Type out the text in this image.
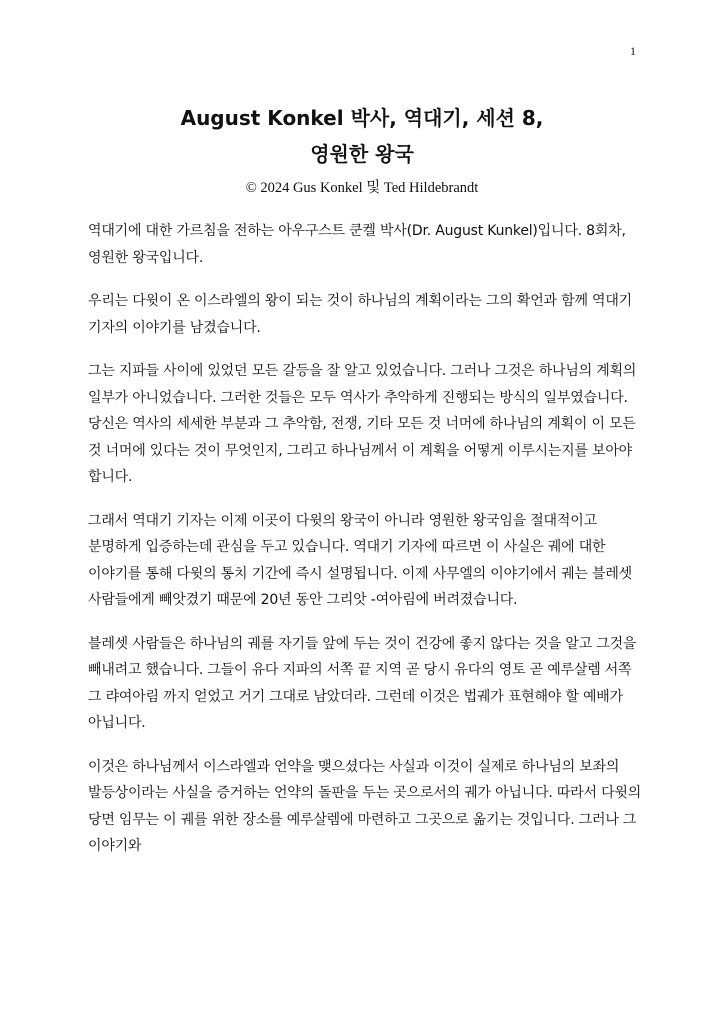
1
August Konkel 박사, 역대기, 세션 8,
영원한 왕국
© 2024 Gus Konkel 및 Ted Hildebrandt

역대기에 대한 가르침을 전하는 아우구스트 쿤켈 박사(Dr. August Kunkel)입니다. 8회차, 영원한 왕국입니다.

우리는 다윗이 온 이스라엘의 왕이 되는 것이 하나님의 계획이라는 그의 확언과 함께 역대기 기자의 이야기를 남겼습니다.

그는 지파들 사이에 있었던 모든 갈등을 잘 알고 있었습니다. 그러나 그것은 하나님의 계획의 일부가 아니었습니다. 그러한 것들은 모두 역사가 추악하게 진행되는 방식의 일부였습니다. 당신은 역사의 세세한 부분과 그 추악함, 전쟁, 기타 모든 것 너머에 하나님의 계획이 이 모든 것 너머에 있다는 것이 무엇인지, 그리고 하나님께서 이 계획을 어떻게 이루시는지를 보아야 합니다.

그래서 역대기 기자는 이제 이곳이 다윗의 왕국이 아니라 영원한 왕국임을 절대적이고 분명하게 입증하는데 관심을 두고 있습니다. 역대기 기자에 따르면 이 사실은 궤에 대한 이야기를 통해 다윗의 통치 기간에 즉시 설명됩니다. 이제 사무엘의 이야기에서 궤는 블레셋 사람들에게 빼앗겼기 때문에 20년 동안 그리앗 -여아림에 버려졌습니다.

블레셋 사람들은 하나님의 궤를 자기들 앞에 두는 것이 건강에 좋지 않다는 것을 알고 그것을 빼내려고 했습니다. 그들이 유다 지파의 서쪽 끝 지역 곧 당시 유다의 영토 곧 예루살렘 서쪽 그 랴여아림 까지 얻었고 거기 그대로 남았더라. 그런데 이것은 법궤가 표현해야 할 예배가 아닙니다.

이것은 하나님께서 이스라엘과 언약을 맺으셨다는 사실과 이것이 실제로 하나님의 보좌의 발등상이라는 사실을 증거하는 언약의 돌판을 두는 곳으로서의 궤가 아닙니다. 따라서 다윗의 당면 임무는 이 궤를 위한 장소를 예루살렘에 마련하고 그곳으로 옮기는 것입니다. 그러나 그 이야기와
